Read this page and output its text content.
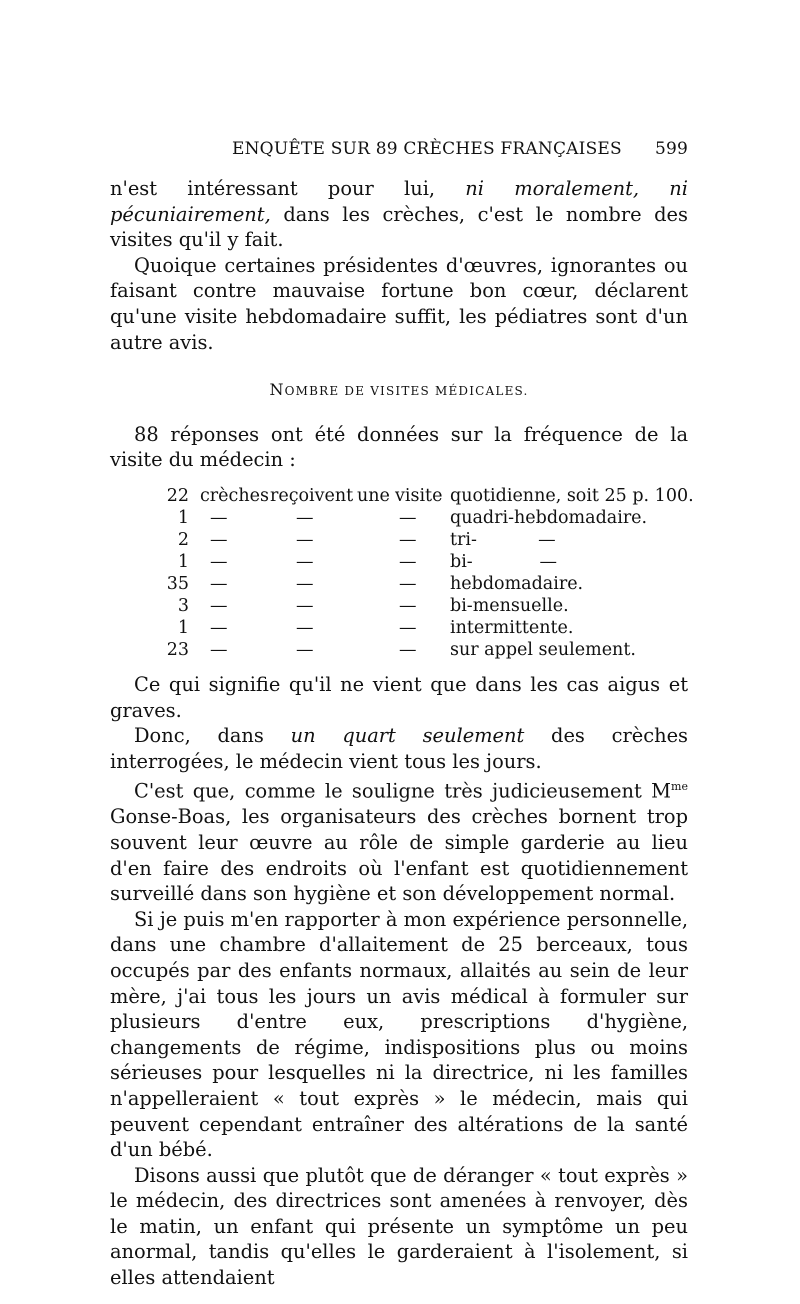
ENQUÊTE SUR 89 CRÈCHES FRANÇAISES 599

n'est intéressant pour lui, ni moralement, ni pécuniairement, dans les crèches, c'est le nombre des visites qu'il y fait.

Quoique certaines présidentes d'œuvres, ignorantes ou faisant contre mauvaise fortune bon cœur, déclarent qu'une visite hebdomadaire suffit, les pédiatres sont d'un autre avis.

NOMBRE DE VISITES MÉDICALES.

88 réponses ont été données sur la fréquence de la visite du médecin :

22 crèches reçoivent une visite quotidienne, soit 25 p. 100.
1 —	—	— quadri-hebdomadaire.
2 —	—	— tri-           —
1 —	—	— bi-            —
35 —	—	— hebdomadaire.
3 —	—	— bi-mensuelle.
1 —	—	— intermittente.
23 —	—	— sur appel seulement.

Ce qui signifie qu'il ne vient que dans les cas aigus et graves.

Donc, dans un quart seulement des crèches interrogées, le médecin vient tous les jours.

C'est que, comme le souligne très judicieusement $M^{me}$ Gonse-Boas, les organisateurs des crèches bornent trop souvent leur œuvre au rôle de simple garderie au lieu d'en faire des endroits où l'enfant est quotidiennement surveillé dans son hygiène et son développement normal.

Si je puis m'en rapporter à mon expérience personnelle, dans une chambre d'allaitement de 25 berceaux, tous occupés par des enfants normaux, allaités au sein de leur mère, j'ai tous les jours un avis médical à formuler sur plusieurs d'entre eux, prescriptions d'hygiène, changements de régime, indispositions plus ou moins sérieuses pour lesquelles ni la directrice, ni les familles n'appelleraient « tout exprès » le médecin, mais qui peuvent cependant entraîner des altérations de la santé d'un bébé.

Disons aussi que plutôt que de déranger « tout exprès » le médecin, des directrices sont amenées à renvoyer, dès le matin, un enfant qui présente un symptôme un peu anormal, tandis qu'elles le garderaient à l'isolement, si elles attendaient
